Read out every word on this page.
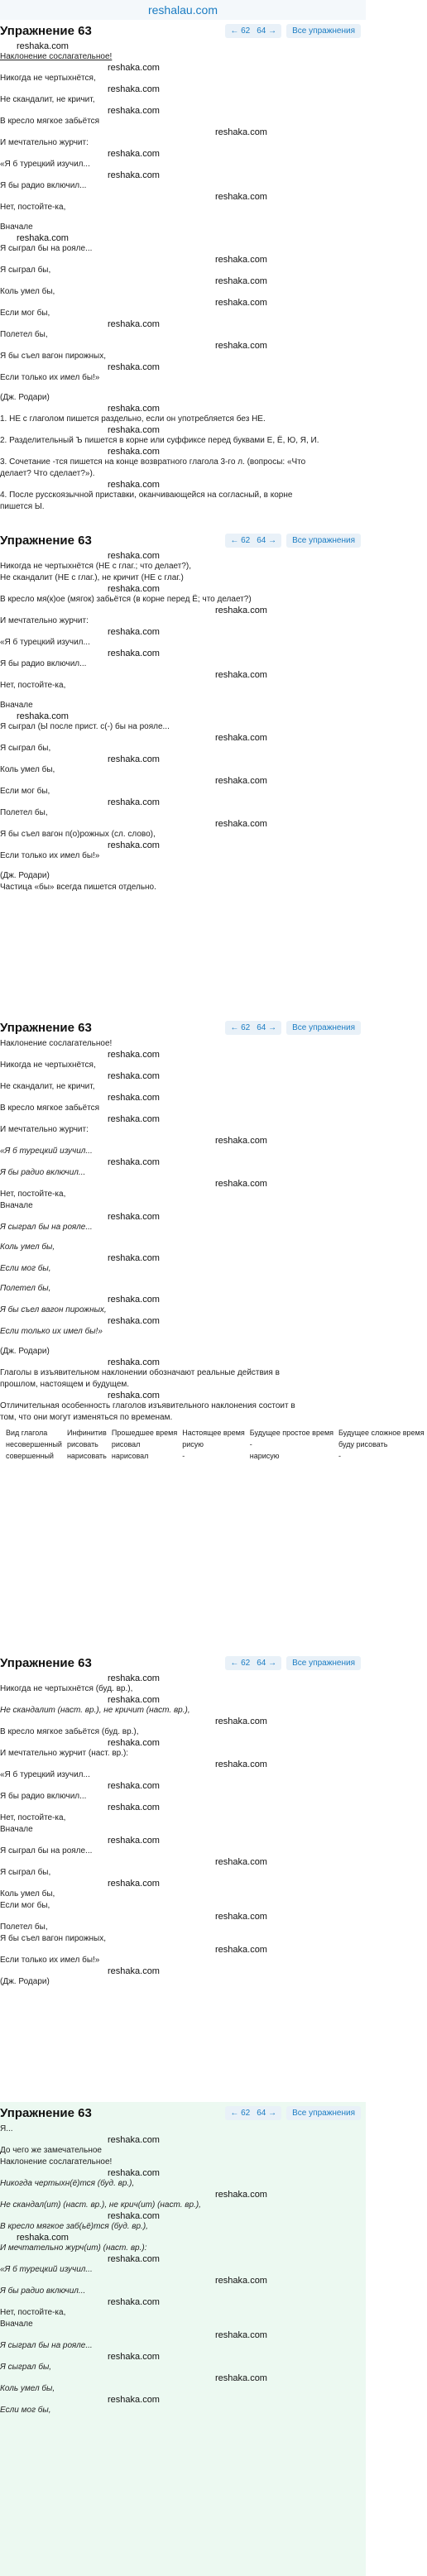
reshalau.com
Упражнение 63	← 62 64 →	Все упражнения
reshaka.com
Наклонение сослагательное!
reshaka.com
Никогда не чертыхнётся,
reshaka.com
Не скандалит, не кричит,
reshaka.com
В кресло мягкое забьётся
reshaka.com
И мечтательно журчит:
reshaka.com
«Я б турецкий изучил...
reshaka.com
Я бы радио включил...
reshaka.com
Нет, постойте-ка,
Вначале
reshaka.com
Я сыграл бы на рояле...
reshaka.com
Я сыграл бы,
reshaka.com
Коль умел бы,
reshaka.com
Если мог бы,
reshaka.com
Полетел бы,
reshaka.com
Я бы съел вагон пирожных,
reshaka.com
Если только их имел бы!»
(Дж. Родари)
reshaka.com
1. НЕ с глаголом пишется раздельно, если он употребляется без НЕ.
reshaka.com
2. Разделительный Ъ пишется в корне или суффиксе перед буквами Е, Ё, Ю, Я, И.
reshaka.com
3. Сочетание -тся пишется на конце возвратного глагола 3-го л. (вопросы: «Что
делает? Что сделает?»).
reshaka.com
4. После русскоязычной приставки, оканчивающейся на согласный, в корне
пишется Ы.
Упражнение 63	← 62 64 →	Все упражнения
reshaka.com
Никогда не чертыхнётся (НЕ с глаг.; что делает?),
Не скандалит (НЕ с глаг.), не кричит (НЕ с глаг.)
reshaka.com
В кресло мя(к)ое (мягок) забьётся (в корне перед Ё; что делает?)
reshaka.com
И мечтательно журчит:
reshaka.com
«Я б турецкий изучил...
reshaka.com
Я бы радио включил...
reshaka.com
Нет, постойте-ка,
Вначале
reshaka.com
Я сыграл (Ы после прист. с(-) бы на рояле...
reshaka.com
Я сыграл бы,
reshaka.com
Коль умел бы,
reshaka.com
Если мог бы,
reshaka.com
Полетел бы,
reshaka.com
Я бы съел вагон п(о)рожных (сл. слово),
reshaka.com
Если только их имел бы!»
(Дж. Родари)
Частица «бы» всегда пишется отдельно.
Упражнение 63	← 62 64 →	Все упражнения
Наклонение сослагательное!
reshaka.com
Никогда не чертыхнётся,
reshaka.com
Не скандалит, не кричит,
reshaka.com
В кресло мягкое забьётся
reshaka.com
И мечтательно журчит:
reshaka.com
«Я б турецкий изучил...
reshaka.com
Я бы радио включил...
reshaka.com
Нет, постойте-ка,
Вначале
reshaka.com
Я сыграл бы на рояле...
Коль умел бы,
reshaka.com
Если мог бы,
Полетел бы,
reshaka.com
Я бы съел вагон пирожных,
reshaka.com
Если только их имел бы!»
(Дж. Родари)
reshaka.com
Глаголы в изъявительном наклонении обозначают реальные действия в
прошлом, настоящем и будущем.
reshaka.com
Отличительная особенность глаголов изъявительного наклонения состоит в
том, что они могут изменяться по временам.
Вид глагола	Инфинитив	Прошедшее время	Настоящее время	Будущее простое время	Будущее сложное время
несовершенный	рисовать	рисовал	рисую	-	буду рисовать
совершенный	нарисовать	нарисовал	-	нарисую	-
Упражнение 63	← 62 64 →	Все упражнения
reshaka.com
Никогда не чертыхнётся (буд. вр.),
reshaka.com
Не скандалит (наст. вр.), не кричит (наст. вр.),
reshaka.com
В кресло мягкое забьётся (буд. вр.),
reshaka.com
И мечтательно журчит (наст. вр.):
reshaka.com
«Я б турецкий изучил...
reshaka.com
Я бы радио включил...
reshaka.com
Нет, постойте-ка,
Вначале
reshaka.com
Я сыграл бы на рояле...
reshaka.com
Я сыграл бы,
reshaka.com
Коль умел бы,
Если мог бы,
reshaka.com
Полетел бы,
Я бы съел вагон пирожных,
reshaka.com
Если только их имел бы!»
reshaka.com
(Дж. Родари)
Упражнение 63	← 62 64 →	Все упражнения
Я...
reshaka.com
До чего же замечательное
Наклонение сослагательное!
reshaka.com
Никогда чертыхн(ё)тся (буд. вр.),
reshaka.com
Не скандал(ит) (наст. вр.), не крич(ит) (наст. вр.),
reshaka.com
В кресло мягкое заб(ьё)тся (буд. вр.),
reshaka.com
И мечтательно журч(ит) (наст. вр.):
reshaka.com
«Я б турецкий изучил...
reshaka.com
Я бы радио включил...
reshaka.com
Нет, постойте-ка,
Вначале
reshaka.com
Я сыграл бы на рояле...
reshaka.com
Я сыграл бы,
reshaka.com
Коль умел бы,
reshaka.com
Если мог бы,
